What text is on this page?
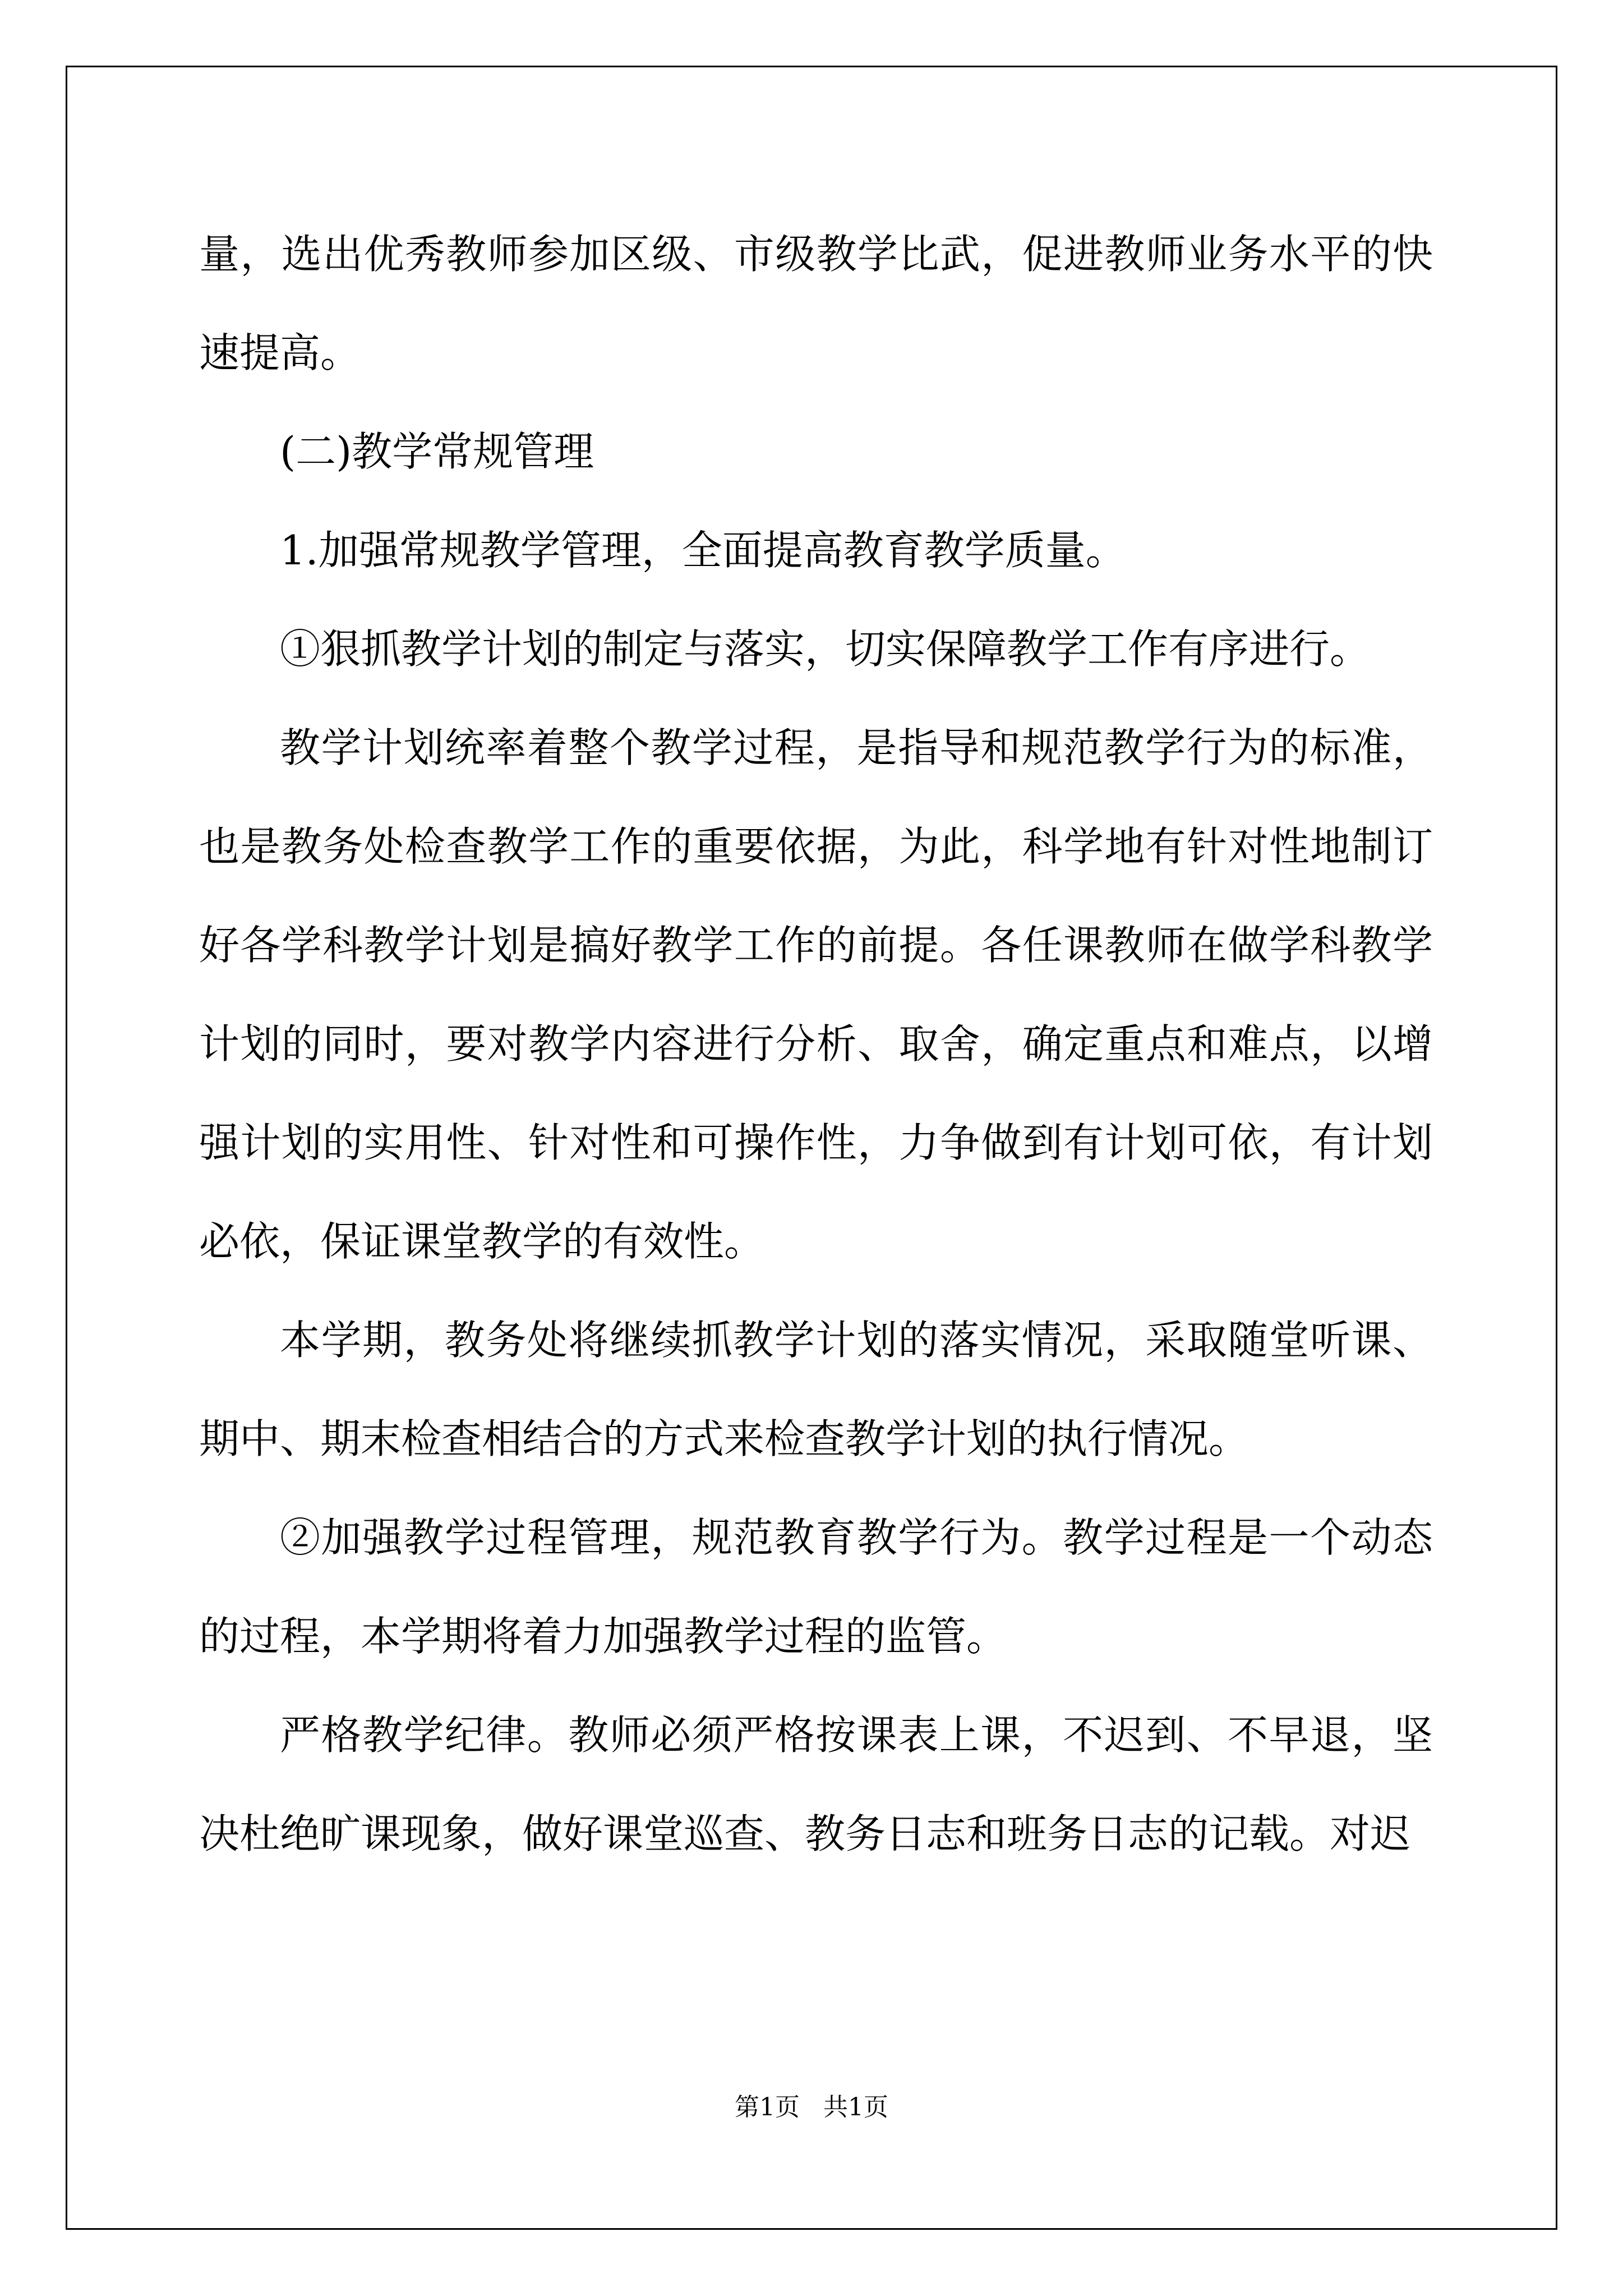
量，选出优秀教师参加区级、市级教学比武，促进教师业务水平的快速提高。

(二)教学常规管理

1.加强常规教学管理，全面提高教育教学质量。

①狠抓教学计划的制定与落实，切实保障教学工作有序进行。

教学计划统率着整个教学过程，是指导和规范教学行为的标准，也是教务处检查教学工作的重要依据，为此，科学地有针对性地制订好各学科教学计划是搞好教学工作的前提。各任课教师在做学科教学计划的同时，要对教学内容进行分析、取舍，确定重点和难点，以增强计划的实用性、针对性和可操作性，力争做到有计划可依，有计划必依，保证课堂教学的有效性。

本学期，教务处将继续抓教学计划的落实情况，采取随堂听课、期中、期末检查相结合的方式来检查教学计划的执行情况。

②加强教学过程管理，规范教育教学行为。教学过程是一个动态的过程，本学期将着力加强教学过程的监管。

严格教学纪律。教师必须严格按课表上课，不迟到、不早退，坚决杜绝旷课现象，做好课堂巡查、教务日志和班务日志的记载。对迟

第1页   共1页
